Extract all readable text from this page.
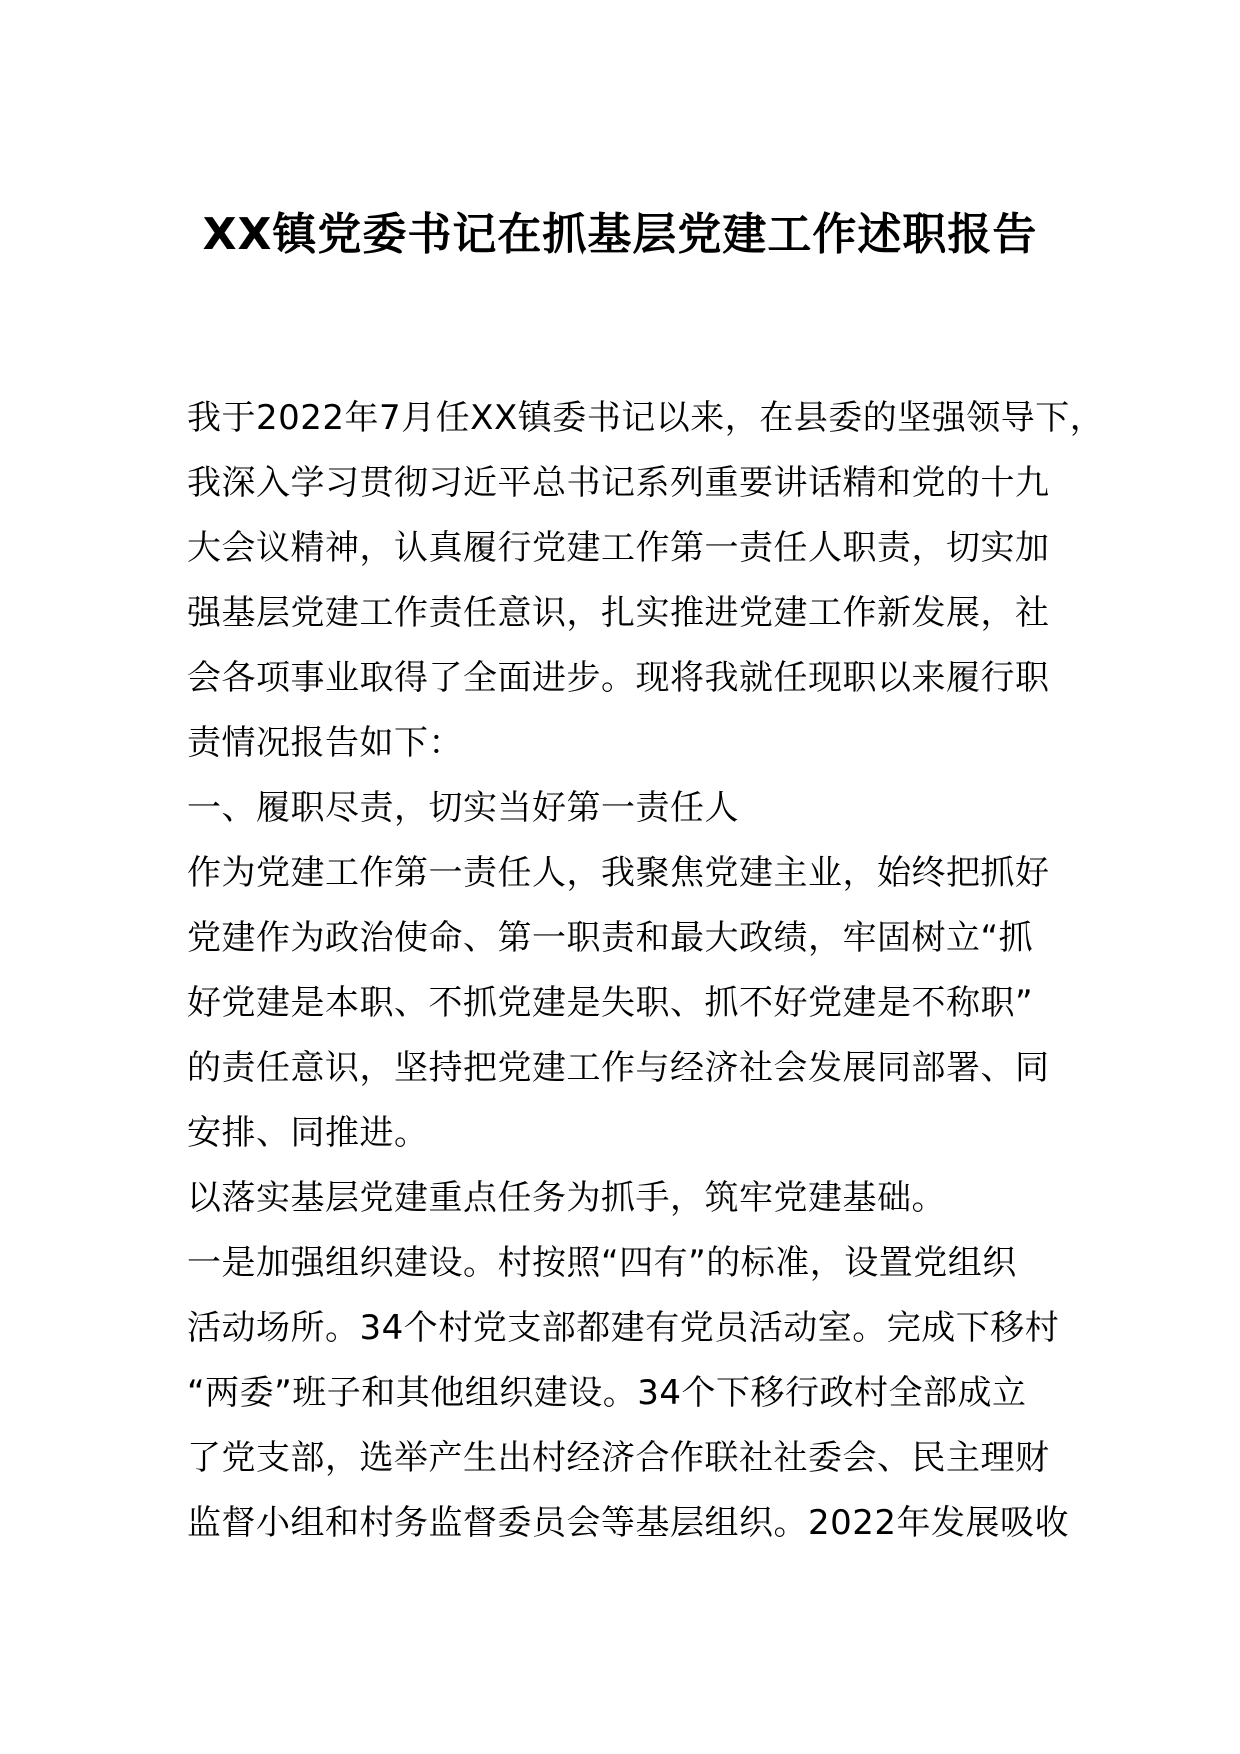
XX镇党委书记在抓基层党建工作述职报告
我于2022年7月任XX镇委书记以来，在县委的坚强领导下，
我深入学习贯彻习近平总书记系列重要讲话精和党的十九
大会议精神，认真履行党建工作第一责任人职责，切实加
强基层党建工作责任意识，扎实推进党建工作新发展，社
会各项事业取得了全面进步。现将我就任现职以来履行职
责情况报告如下：
一、履职尽责，切实当好第一责任人
作为党建工作第一责任人，我聚焦党建主业，始终把抓好
党建作为政治使命、第一职责和最大政绩，牢固树立“抓
好党建是本职、不抓党建是失职、抓不好党建是不称职”
的责任意识，坚持把党建工作与经济社会发展同部署、同
安排、同推进。
以落实基层党建重点任务为抓手，筑牢党建基础。
一是加强组织建设。村按照“四有”的标准，设置党组织
活动场所。34个村党支部都建有党员活动室。完成下移村
“两委”班子和其他组织建设。34个下移行政村全部成立
了党支部，选举产生出村经济合作联社社委会、民主理财
监督小组和村务监督委员会等基层组织。2022年发展吸收
